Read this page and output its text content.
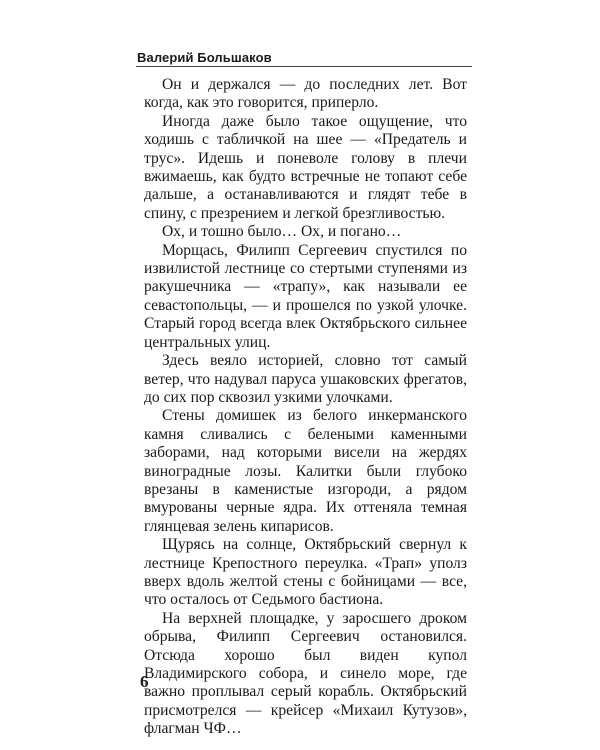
Валерий Большаков

Он и держался — до последних лет. Вот когда, как это говорится, приперло.

Иногда даже было такое ощущение, что ходишь с табличкой на шее — «Предатель и трус». Идешь и поневоле голову в плечи вжимаешь, как будто встречные не топают себе дальше, а останавливаются и глядят тебе в спину, с презрением и легкой брезгливостью.

Ох, и тошно было… Ох, и погано…

Морщась, Филипп Сергеевич спустился по извилистой лестнице со стертыми ступенями из ракушечника — «трапу», как называли ее севастопольцы, — и прошелся по узкой улочке. Старый город всегда влек Октябрьского сильнее центральных улиц.

Здесь веяло историей, словно тот самый ветер, что надувал паруса ушаковских фрегатов, до сих пор сквозил узкими улочками.

Стены домишек из белого инкерманского камня сливались с белеными каменными заборами, над которыми висели на жердях виноградные лозы. Калитки были глубоко врезаны в каменистые изгороди, а рядом вмурованы черные ядра. Их оттеняла темная глянцевая зелень кипарисов.

Щурясь на солнце, Октябрьский свернул к лестнице Крепостного переулка. «Трап» уполз вверх вдоль желтой стены с бойницами — все, что осталось от Седьмого бастиона.

На верхней площадке, у заросшего дроком обрыва, Филипп Сергеевич остановился. Отсюда хорошо был виден купол Владимирского собора, и синело море, где важно проплывал серый корабль. Октябрьский присмотрелся — крейсер «Михаил Кутузов», флагман ЧФ…

6
